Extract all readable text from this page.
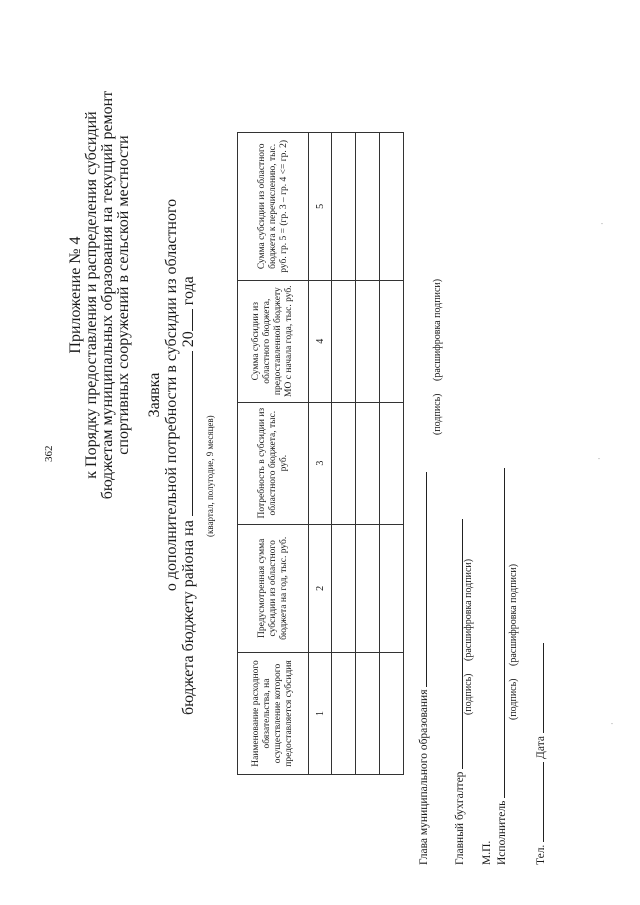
362
Приложение № 4 к Порядку предоставления и распределения субсидий бюджетам муниципальных образования на текущий ремонт спортивных сооружений в сельской местности Заявка о дополнительной потребности в субсидии из областного
бюджета бюджету района на  20 года
(квартал, полугодие, 9 месяцев)
Наименование расходного обязательства, на осуществление которого предоставляется субсидия	Предусмотренная сумма субсидии из областного бюджета на год, тыс. руб.	Потребность в субсидии из областного бюджета, тыс. руб.	Сумма субсидии из областного бюджета, предоставленной бюджету МО с начала года, тыс. руб.	Сумма субсидии из областного бюджета к перечислению, тыс. руб. гр. 5 = (гр. 3 – гр. 4 <= гр. 2)
1	2	3	4	5

Глава муниципального образования
(подпись)     (расшифровка подписи)
Главный бухгалтер
(подпись)     (расшифровка подписи)
М.П. Исполнитель
(подпись)     (расшифровка подписи)
Тел.  Дата
·
·
·
